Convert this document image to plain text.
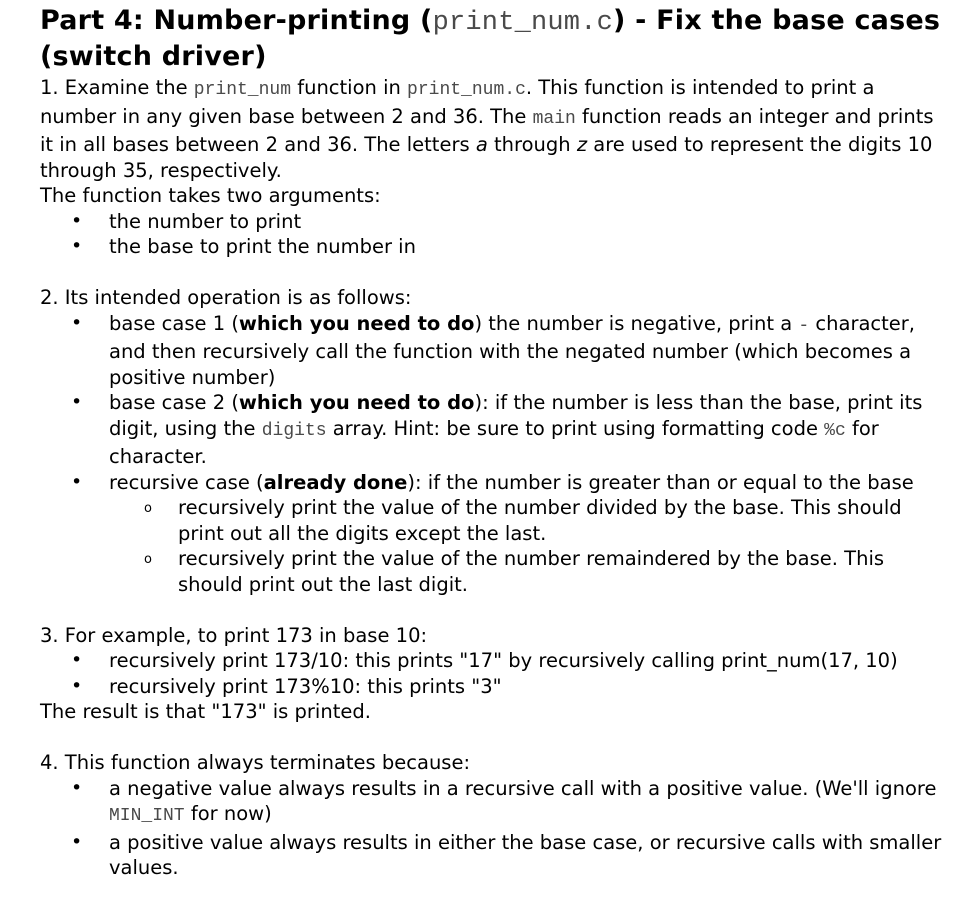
Part 4: Number-printing (print_num.c) - Fix the base cases (switch driver)

1. Examine the print_num function in print_num.c. This function is intended to print a number in any given base between 2 and 36. The main function reads an integer and prints it in all bases between 2 and 36. The letters a through z are used to represent the digits 10 through 35, respectively.

The function takes two arguments:

• the number to print
• the base to print the number in

2. Its intended operation is as follows:

• base case 1 (which you need to do) the number is negative, print a - character, and then recursively call the function with the negated number (which becomes a positive number)
• base case 2 (which you need to do): if the number is less than the base, print its digit, using the digits array. Hint: be sure to print using formatting code %c for character.
• recursive case (already done): if the number is greater than or equal to the base
o recursively print the value of the number divided by the base. This should print out all the digits except the last.
o recursively print the value of the number remaindered by the base. This should print out the last digit.

3. For example, to print 173 in base 10:

• recursively print 173/10: this prints "17" by recursively calling print_num(17, 10)
• recursively print 173%10: this prints "3"

The result is that "173" is printed.

4. This function always terminates because:

• a negative value always results in a recursive call with a positive value. (We'll ignore MIN_INT for now)
• a positive value always results in either the base case, or recursive calls with smaller values.
